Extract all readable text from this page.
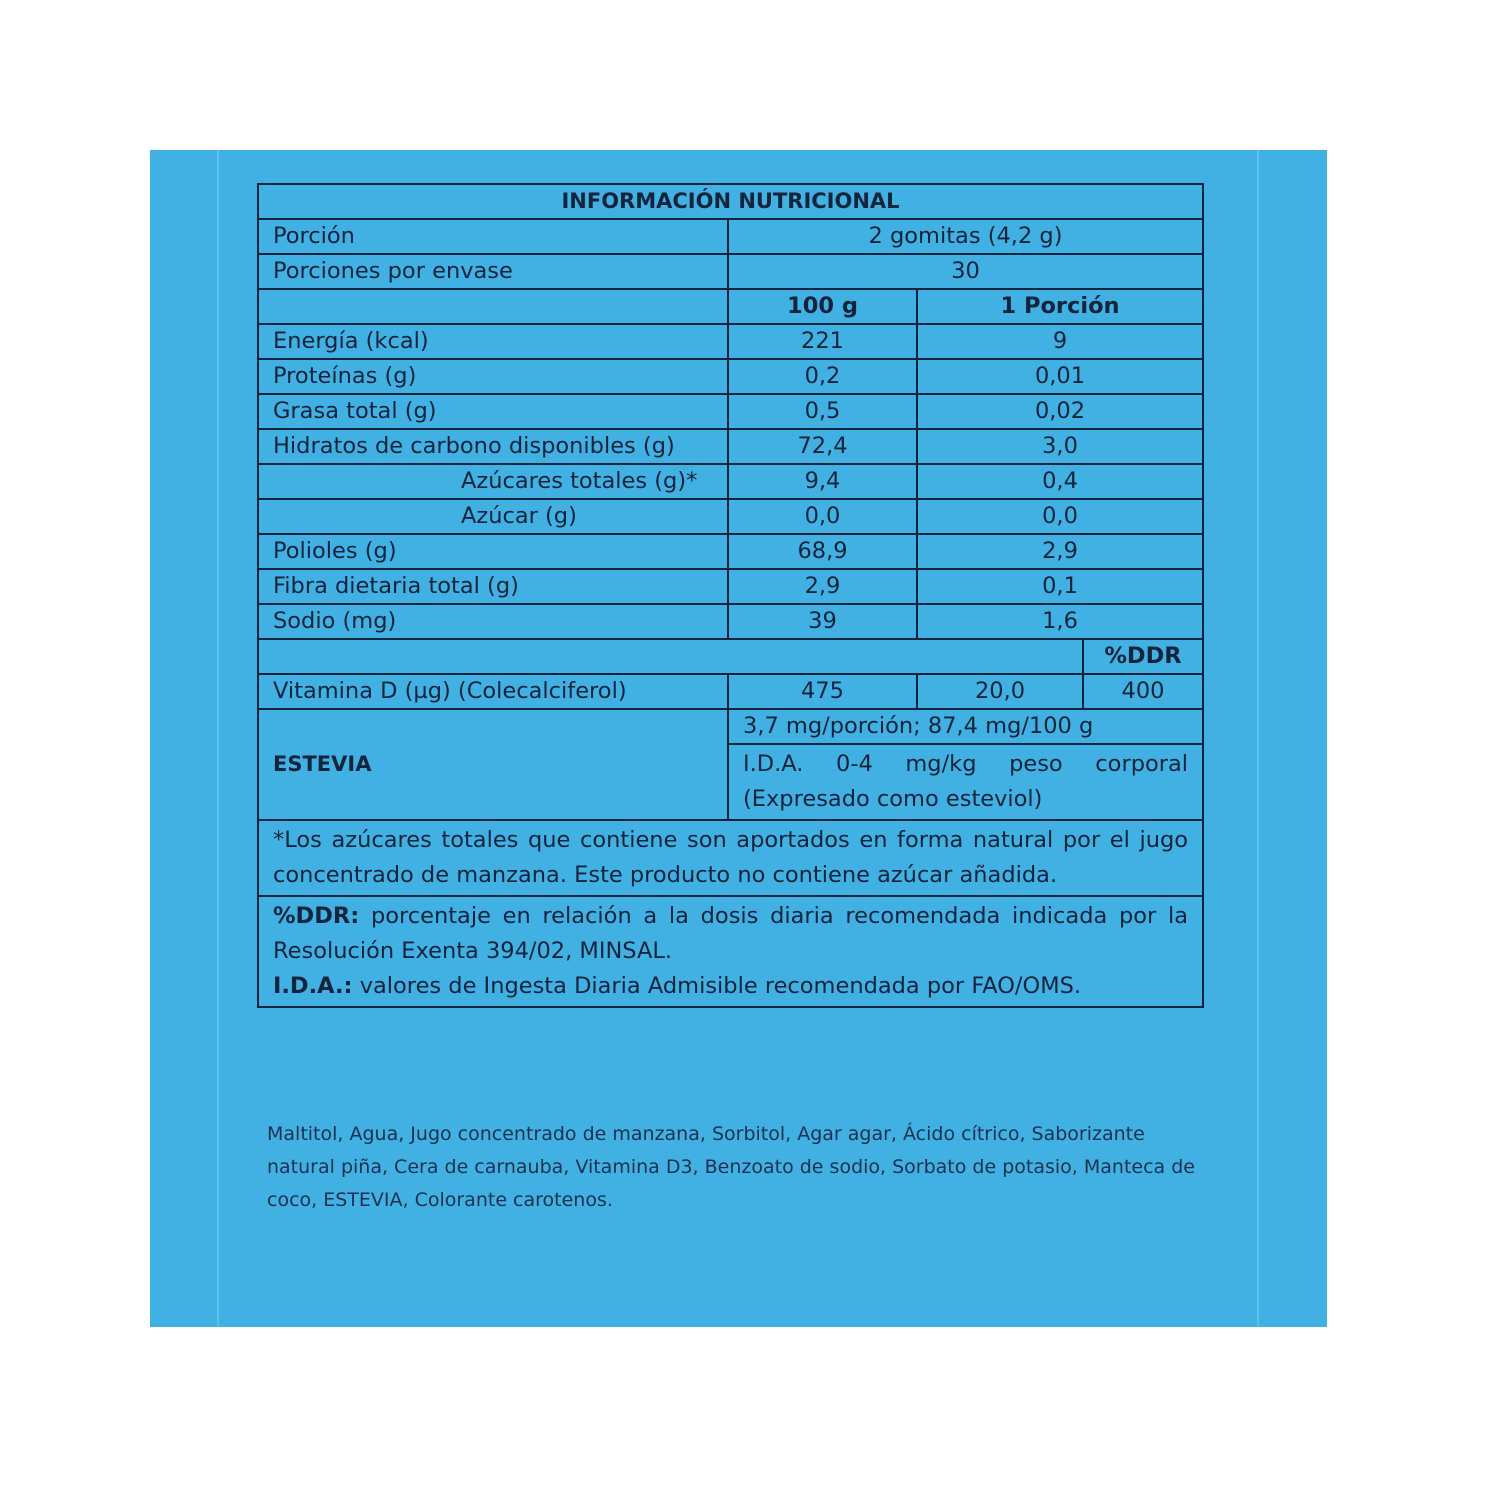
INFORMACIÓN NUTRICIONAL			
Porción	2 gomitas (4,2 g)		
Porciones por envase	30		
	100 g	1 Porción	
Energía (kcal)	221	9	
Proteínas (g)	0,2	0,01	
Grasa total (g)	0,5	0,02	
Hidratos de carbono disponibles (g)	72,4	3,0	
Azúcares totales (g)*	9,4	0,4	
Azúcar (g)	0,0	0,0	
Polioles (g)	68,9	2,9	
Fibra dietaria total (g)	2,9	0,1	
Sodio (mg)	39	1,6	
			%DDR
Vitamina D (µg) (Colecalciferol)	475	20,0	400
ESTEVIA	3,7 mg/porción; 87,4 mg/100 g		

	I.D.A. 0-4 mg/kg peso corporal
(Expresado como esteviol)		
*Los azúcares totales que contiene son aportados en forma natural por el jugo concentrado de manzana. Este producto no contiene azúcar añadida.			

%DDR: porcentaje en relación a la dosis diaria recomendada indicada por la Resolución Exenta 394/02, MINSAL.
I.D.A.: valores de Ingesta Diaria Admisible recomendada por FAO/OMS.			
Maltitol, Agua, Jugo concentrado de manzana, Sorbitol, Agar agar, Ácido cítrico, Saborizante natural piña, Cera de carnauba, Vitamina D3, Benzoato de sodio, Sorbato de potasio, Manteca de coco, ESTEVIA, Colorante carotenos.
